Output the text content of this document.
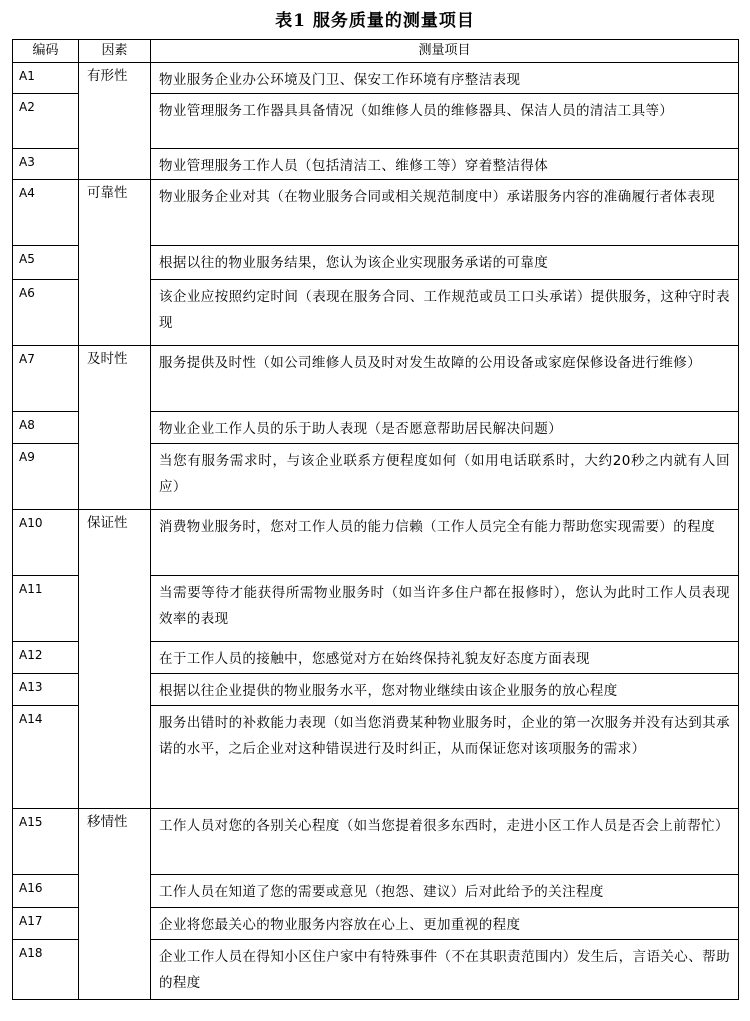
表1 服务质量的测量项目
编码	因素	测量项目
A1	有形性	物业服务企业办公环境及门卫、保安工作环境有序整洁表现
A2		物业管理服务工作器具具备情况（如维修人员的维修器具、保洁人员的清洁工具等）
A3		物业管理服务工作人员（包括清洁工、维修工等）穿着整洁得体
A4	可靠性	物业服务企业对其（在物业服务合同或相关规范制度中）承诺服务内容的准确履行者体表现
A5		根据以往的物业服务结果，您认为该企业实现服务承诺的可靠度
A6		该企业应按照约定时间（表现在服务合同、工作规范或员工口头承诺）提供服务，这种守时表现
A7	及时性	服务提供及时性（如公司维修人员及时对发生故障的公用设备或家庭保修设备进行维修）
A8		物业企业工作人员的乐于助人表现（是否愿意帮助居民解决问题）
A9		当您有服务需求时，与该企业联系方便程度如何（如用电话联系时，大约20秒之内就有人回应）
A10	保证性	消费物业服务时，您对工作人员的能力信赖（工作人员完全有能力帮助您实现需要）的程度
A11		当需要等待才能获得所需物业服务时（如当许多住户都在报修时），您认为此时工作人员表现效率的表现
A12		在于工作人员的接触中，您感觉对方在始终保持礼貌友好态度方面表现
A13		根据以往企业提供的物业服务水平，您对物业继续由该企业服务的放心程度
A14		服务出错时的补救能力表现（如当您消费某种物业服务时，企业的第一次服务并没有达到其承诺的水平，之后企业对这种错误进行及时纠正，从而保证您对该项服务的需求）
A15	移情性	工作人员对您的各别关心程度（如当您提着很多东西时，走进小区工作人员是否会上前帮忙）
A16		工作人员在知道了您的需要或意见（抱怨、建议）后对此给予的关注程度
A17		企业将您最关心的物业服务内容放在心上、更加重视的程度
A18		企业工作人员在得知小区住户家中有特殊事件（不在其职责范围内）发生后，言语关心、帮助的程度
